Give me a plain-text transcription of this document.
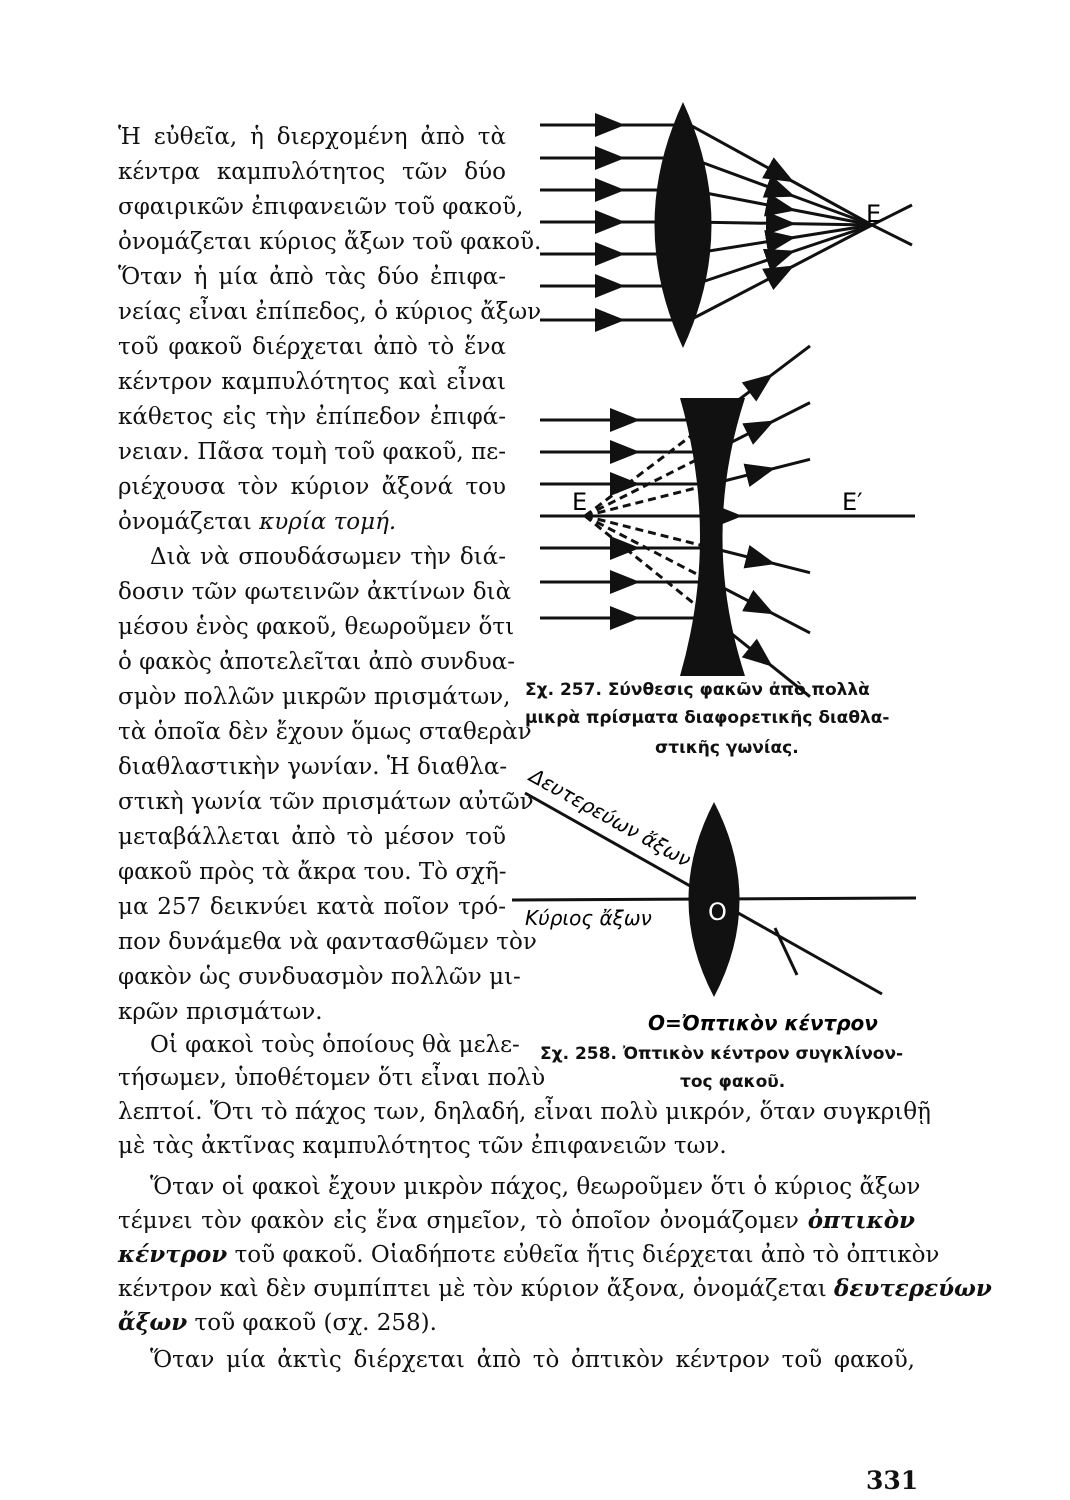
Ἡ εὐθεῖα, ἡ διερχομένη ἀπὸ τὰ
κέντρα καμπυλότητος τῶν δύο
σφαιρικῶν ἐπιφανειῶν τοῦ φακοῦ,
ὀνομάζεται κύριος ἄξων τοῦ φακοῦ.
Ὅταν ἡ μία ἀπὸ τὰς δύο ἐπιφα-
νείας εἶναι ἐπίπεδος, ὁ κύριος ἄξων
τοῦ φακοῦ διέρχεται ἀπὸ τὸ ἕνα
κέντρον καμπυλότητος καὶ εἶναι
κάθετος εἰς τὴν ἐπίπεδον ἐπιφά-
νειαν. Πᾶσα τομὴ τοῦ φακοῦ, πε-
ριέχουσα τὸν κύριον ἄξονά του
ὀνομάζεται κυρία τομή.
Διὰ νὰ σπουδάσωμεν τὴν διά-
δοσιν τῶν φωτεινῶν ἀκτίνων διὰ
μέσου ἑνὸς φακοῦ, θεωροῦμεν ὅτι
ὁ φακὸς ἀποτελεῖται ἀπὸ συνδυα-
σμὸν πολλῶν μικρῶν πρισμάτων,
τὰ ὁποῖα δὲν ἔχουν ὅμως σταθερὰν
διαθλαστικὴν γωνίαν. Ἡ διαθλα-
στικὴ γωνία τῶν πρισμάτων αὐτῶν
μεταβάλλεται ἀπὸ τὸ μέσον τοῦ
φακοῦ πρὸς τὰ ἄκρα του. Τὸ σχῆ-
μα 257 δεικνύει κατὰ ποῖον τρό-
πον δυνάμεθα νὰ φαντασθῶμεν τὸν
φακὸν ὡς συνδυασμὸν πολλῶν μι-
κρῶν πρισμάτων.
Οἱ φακοὶ τοὺς ὁποίους θὰ μελε-
τήσωμεν, ὑποθέτομεν ὅτι εἶναι πολὺ
λεπτοί. Ὅτι τὸ πάχος των, δηλαδή, εἶναι πολὺ μικρόν, ὅταν συγκριθῇ
μὲ τὰς ἀκτῖνας καμπυλότητος τῶν ἐπιφανειῶν των.
Ὅταν οἱ φακοὶ ἔχουν μικρὸν πάχος, θεωροῦμεν ὅτι ὁ κύριος ἄξων
τέμνει τὸν φακὸν εἰς ἕνα σημεῖον, τὸ ὁποῖον ὀνομάζομεν ὀπτικὸν
κέντρον τοῦ φακοῦ. Οἱαδήποτε εὐθεῖα ἥτις διέρχεται ἀπὸ τὸ ὀπτικὸν
κέντρον καὶ δὲν συμπίπτει μὲ τὸν κύριον ἄξονα, ὀνομάζεται δευτερεύων
ἄξων τοῦ φακοῦ (σχ. 258).
Ὅταν μία ἀκτὶς διέρχεται ἀπὸ τὸ ὀπτικὸν κέντρον τοῦ φακοῦ,
E
E	E′
O
Δευτερεύων ἄξων
Κύριος ἄξων
O=Ὀπτικὸν κέντρον
Σχ. 257. Σύνθεσις φακῶν ἀπὸ πολλὰ
μικρὰ πρίσματα διαφορετικῆς διαθλα-
στικῆς γωνίας.
Σχ. 258. Ὀπτικὸν κέντρον συγκλίνον-
τος φακοῦ.
331
